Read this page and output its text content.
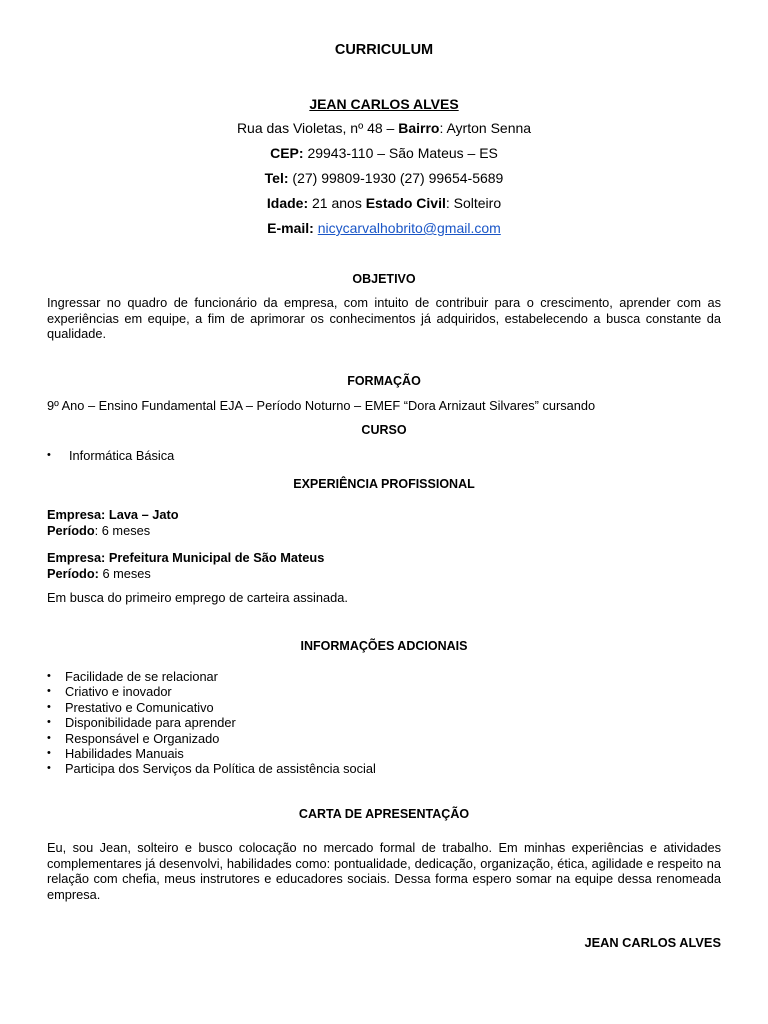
CURRICULUM
JEAN CARLOS ALVES
Rua das Violetas, nº 48 – Bairro: Ayrton Senna
CEP: 29943-110 – São Mateus – ES
Tel: (27) 99809-1930 (27) 99654-5689
Idade: 21 anos Estado Civil: Solteiro
E-mail: nicycarvalhobrito@gmail.com
OBJETIVO
Ingressar no quadro de funcionário da empresa, com intuito de contribuir para o crescimento, aprender com as experiências em equipe, a fim de aprimorar os conhecimentos já adquiridos, estabelecendo a busca constante da qualidade.
FORMAÇÃO
9º Ano – Ensino Fundamental EJA – Período Noturno – EMEF “Dora Arnizaut Silvares” cursando
CURSO
• Informática Básica
EXPERIÊNCIA PROFISSIONAL
Empresa: Lava – Jato
Período: 6 meses
Empresa: Prefeitura Municipal de São Mateus
Período: 6 meses
Em busca do primeiro emprego de carteira assinada.
INFORMAÇÕES ADCIONAIS
• Facilidade de se relacionar
• Criativo e inovador
• Prestativo e Comunicativo
• Disponibilidade para aprender
• Responsável e Organizado
• Habilidades Manuais
• Participa dos Serviços da Política de assistência social
CARTA DE APRESENTAÇÃO
Eu, sou Jean, solteiro e busco colocação no mercado formal de trabalho. Em minhas experiências e atividades complementares já desenvolvi, habilidades como: pontualidade, dedicação, organização, ética, agilidade e respeito na relação com chefia, meus instrutores e educadores sociais. Dessa forma espero somar na equipe dessa renomeada empresa.
JEAN CARLOS ALVES
